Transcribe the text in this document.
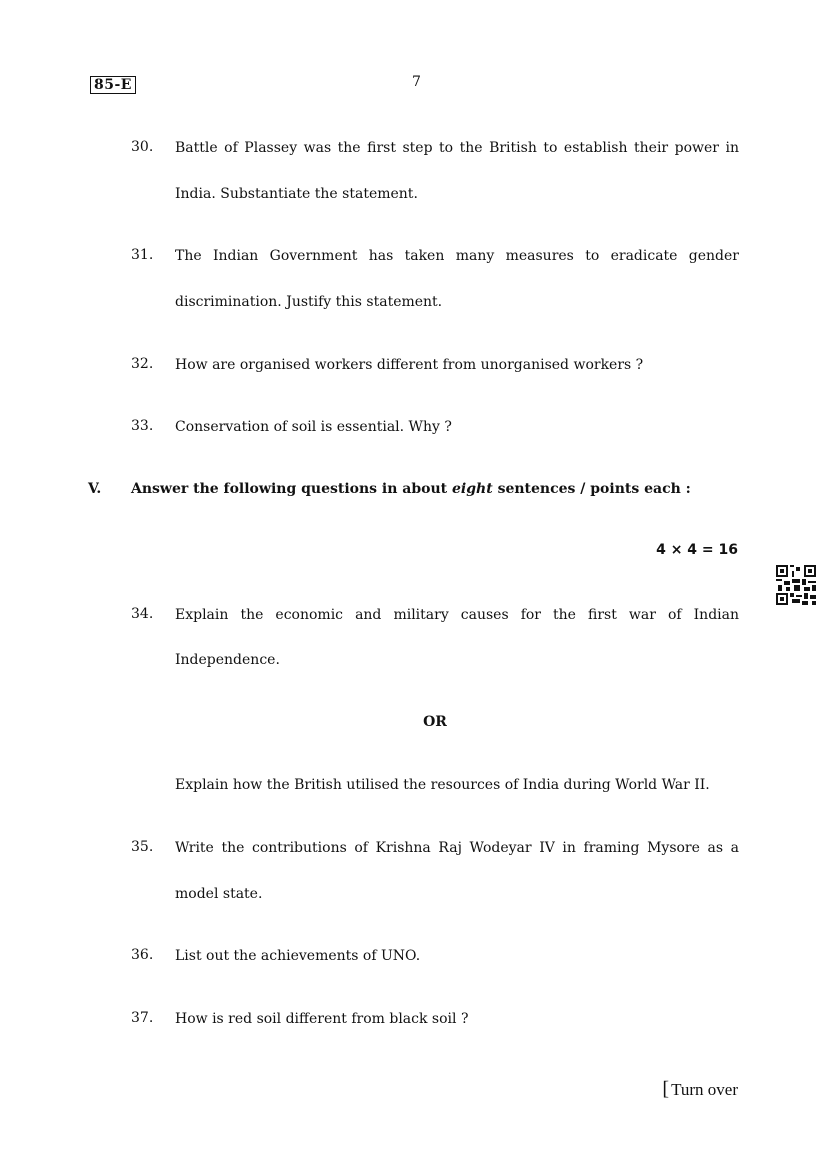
85-E	7
30.	Battle of Plassey was the first step to the British to establish their power in
India. Substantiate the statement.
31.	The Indian Government has taken many measures to eradicate gender
discrimination. Justify this statement.
32.	How are organised workers different from unorganised workers ?
33.	Conservation of soil is essential. Why ?
V. Answer the following questions in about eight sentences / points each :
4 × 4 = 16
34.	Explain the economic and military causes for the first war of Indian
Independence.
OR
Explain how the British utilised the resources of India during World War II.
35.	Write the contributions of Krishna Raj Wodeyar IV in framing Mysore as a
model state.
36.	List out the achievements of UNO.
37.	How is red soil different from black soil ?
[ Turn over
